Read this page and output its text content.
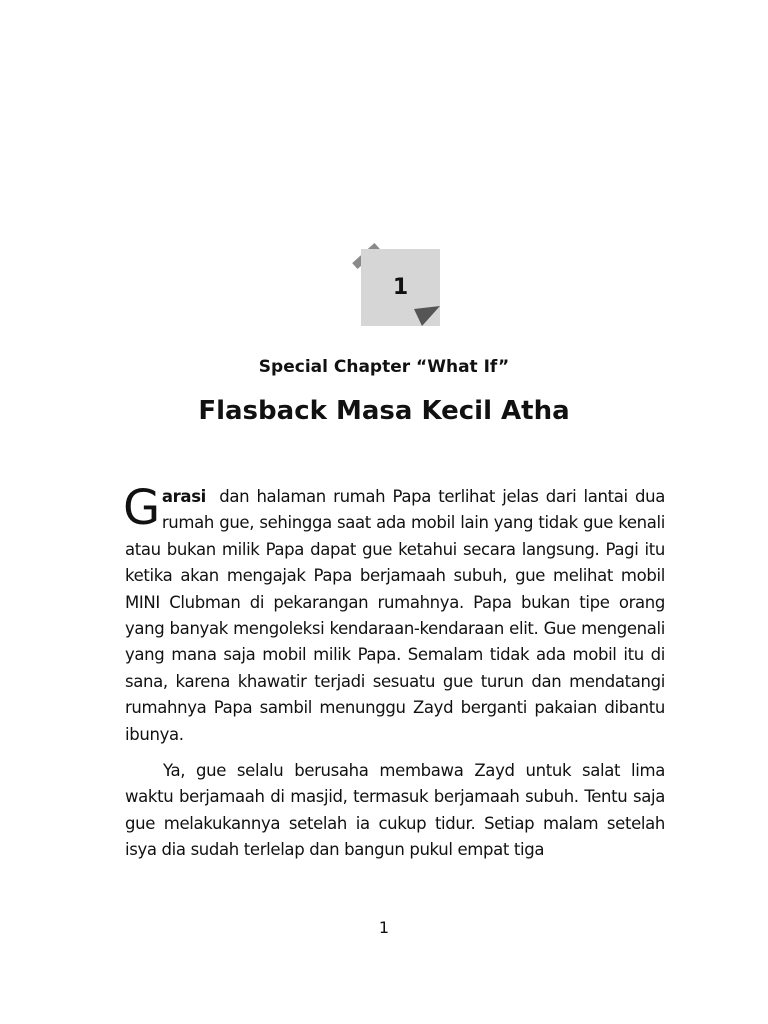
1
Special Chapter “What If”
Flasback Masa Kecil Atha

Garasi dan halaman rumah Papa terlihat jelas dari lantai dua rumah gue, sehingga saat ada mobil lain yang tidak gue kenali atau bukan milik Papa dapat gue ketahui secara langsung. Pagi itu ketika akan mengajak Papa berjamaah subuh, gue melihat mobil MINI Clubman di pekarangan rumahnya. Papa bukan tipe orang yang banyak mengoleksi kendaraan-kendaraan elit. Gue mengenali yang mana saja mobil milik Papa. Semalam tidak ada mobil itu di sana, karena khawatir terjadi sesuatu gue turun dan mendatangi rumahnya Papa sambil menunggu Zayd berganti pakaian dibantu ibunya.

Ya, gue selalu berusaha membawa Zayd untuk salat lima waktu berjamaah di masjid, termasuk berjamaah subuh. Tentu saja gue melakukannya setelah ia cukup tidur. Setiap malam setelah isya dia sudah terlelap dan bangun pukul empat tiga

1
